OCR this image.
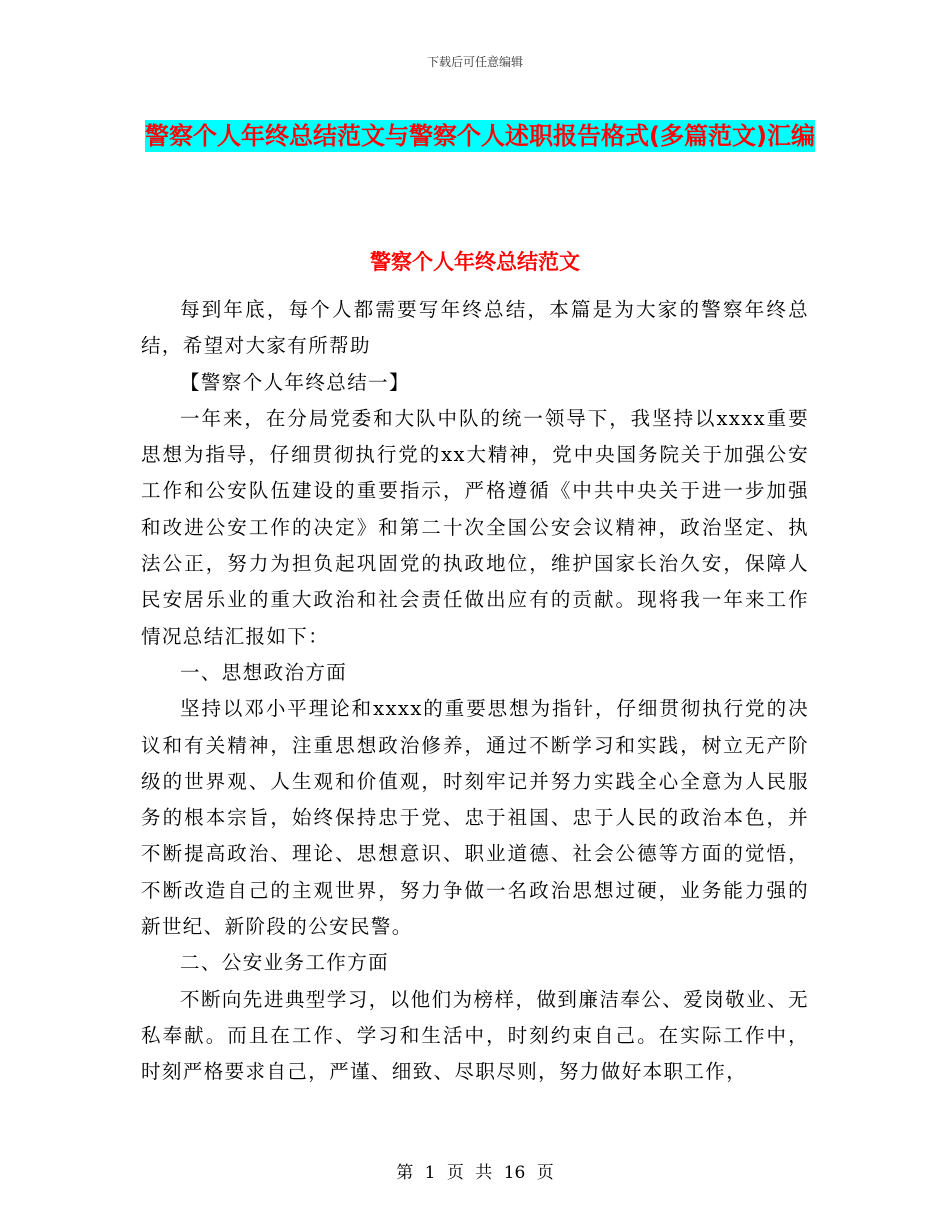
下载后可任意编辑
警察个人年终总结范文与警察个人述职报告格式(多篇范文)汇编
警察个人年终总结范文

每到年底，每个人都需要写年终总结，本篇是为大家的警察年终总结，希望对大家有所帮助

【警察个人年终总结一】

一年来，在分局党委和大队中队的统一领导下，我坚持以xxxx重要思想为指导，仔细贯彻执行党的xx大精神，党中央国务院关于加强公安工作和公安队伍建设的重要指示，严格遵循《中共中央关于进一步加强和改进公安工作的决定》和第二十次全国公安会议精神，政治坚定、执法公正，努力为担负起巩固党的执政地位，维护国家长治久安，保障人民安居乐业的重大政治和社会责任做出应有的贡献。现将我一年来工作情况总结汇报如下：

一、思想政治方面

坚持以邓小平理论和xxxx的重要思想为指针，仔细贯彻执行党的决议和有关精神，注重思想政治修养，通过不断学习和实践，树立无产阶级的世界观、人生观和价值观，时刻牢记并努力实践全心全意为人民服务的根本宗旨，始终保持忠于党、忠于祖国、忠于人民的政治本色，并不断提高政治、理论、思想意识、职业道德、社会公德等方面的觉悟，不断改造自己的主观世界，努力争做一名政治思想过硬，业务能力强的新世纪、新阶段的公安民警。

二、公安业务工作方面

不断向先进典型学习，以他们为榜样，做到廉洁奉公、爱岗敬业、无私奉献。而且在工作、学习和生活中，时刻约束自己。在实际工作中，时刻严格要求自己，严谨、细致、尽职尽则，努力做好本职工作，

第 1 页 共 16 页
